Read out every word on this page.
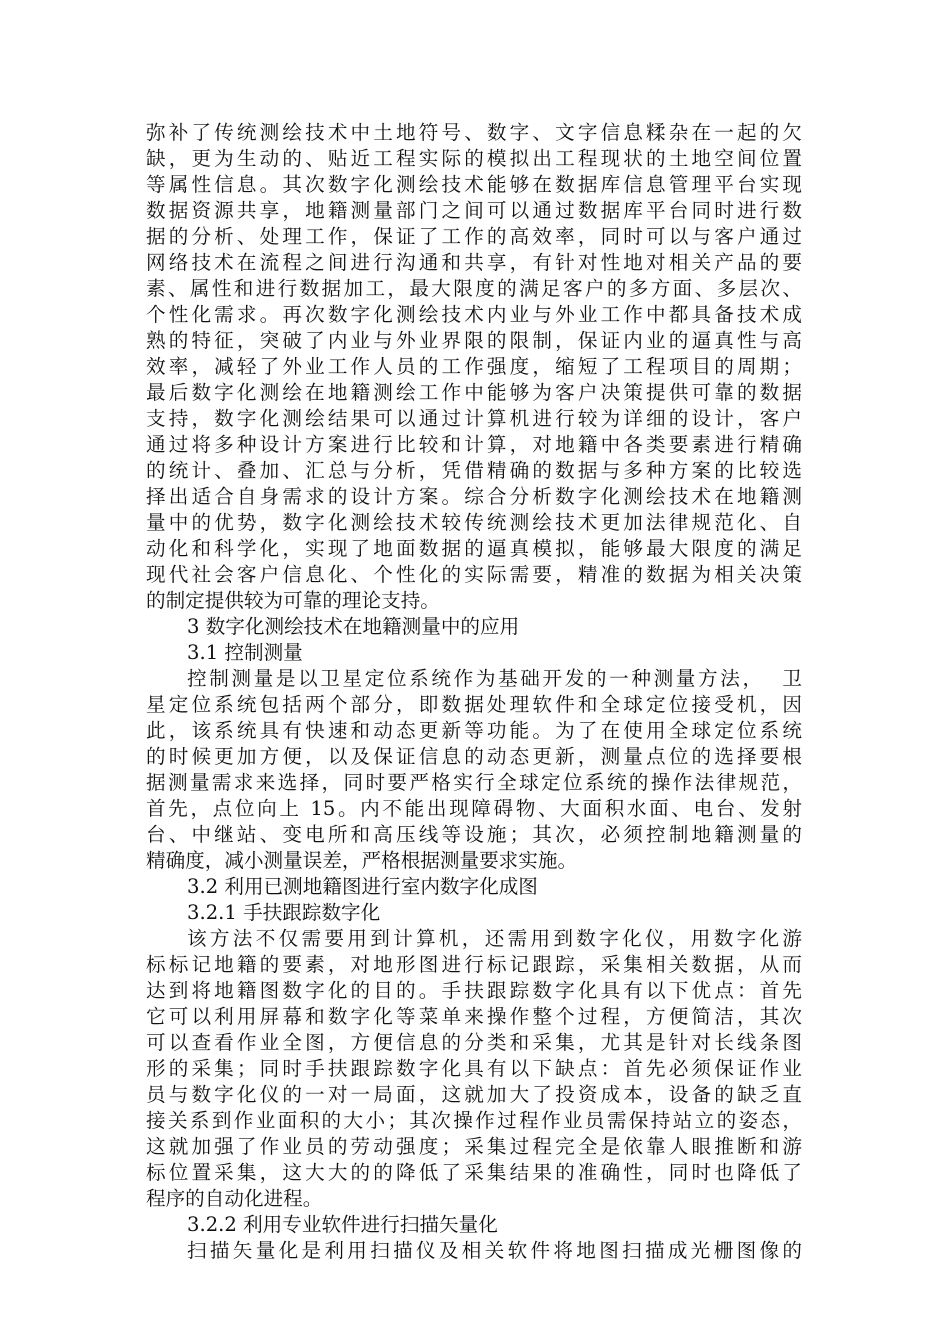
弥补了传统测绘技术中土地符号、数字、文字信息糅杂在一起的欠
缺，更为生动的、贴近工程实际的模拟出工程现状的土地空间位置
等属性信息。其次数字化测绘技术能够在数据库信息管理平台实现
数据资源共享，地籍测量部门之间可以通过数据库平台同时进行数
据的分析、处理工作，保证了工作的高效率，同时可以与客户通过
网络技术在流程之间进行沟通和共享，有针对性地对相关产品的要
素、属性和进行数据加工，最大限度的满足客户的多方面、多层次、
个性化需求。再次数字化测绘技术内业与外业工作中都具备技术成
熟的特征，突破了内业与外业界限的限制，保证内业的逼真性与高
效率，减轻了外业工作人员的工作强度，缩短了工程项目的周期；
最后数字化测绘在地籍测绘工作中能够为客户决策提供可靠的数据
支持，数字化测绘结果可以通过计算机进行较为详细的设计，客户
通过将多种设计方案进行比较和计算，对地籍中各类要素进行精确
的统计、叠加、汇总与分析，凭借精确的数据与多种方案的比较选
择出适合自身需求的设计方案。综合分析数字化测绘技术在地籍测
量中的优势，数字化测绘技术较传统测绘技术更加法律规范化、自
动化和科学化，实现了地面数据的逼真模拟，能够最大限度的满足
现代社会客户信息化、个性化的实际需要，精准的数据为相关决策
的制定提供较为可靠的理论支持。
3 数字化测绘技术在地籍测量中的应用
3.1 控制测量
控制测量是以卫星定位系统作为基础开发的一种测量方法，  卫
星定位系统包括两个部分，即数据处理软件和全球定位接受机，因
此，该系统具有快速和动态更新等功能。为了在使用全球定位系统
的时候更加方便，以及保证信息的动态更新，测量点位的选择要根
据测量需求来选择，同时要严格实行全球定位系统的操作法律规范，
首先，点位向上 15。内不能出现障碍物、大面积水面、电台、发射
台、中继站、变电所和高压线等设施；其次，必须控制地籍测量的
精确度，减小测量误差，严格根据测量要求实施。
3.2 利用已测地籍图进行室内数字化成图
3.2.1 手扶跟踪数字化
该方法不仅需要用到计算机，还需用到数字化仪，用数字化游
标标记地籍的要素，对地形图进行标记跟踪，采集相关数据，从而
达到将地籍图数字化的目的。手扶跟踪数字化具有以下优点：首先
它可以利用屏幕和数字化等菜单来操作整个过程，方便简洁，其次
可以查看作业全图，方便信息的分类和采集，尤其是针对长线条图
形的采集；同时手扶跟踪数字化具有以下缺点：首先必须保证作业
员与数字化仪的一对一局面，这就加大了投资成本，设备的缺乏直
接关系到作业面积的大小；其次操作过程作业员需保持站立的姿态，
这就加强了作业员的劳动强度；采集过程完全是依靠人眼推断和游
标位置采集，这大大的的降低了采集结果的准确性，同时也降低了
程序的自动化进程。
3.2.2 利用专业软件进行扫描矢量化
扫描矢量化是利用扫描仪及相关软件将地图扫描成光栅图像的
